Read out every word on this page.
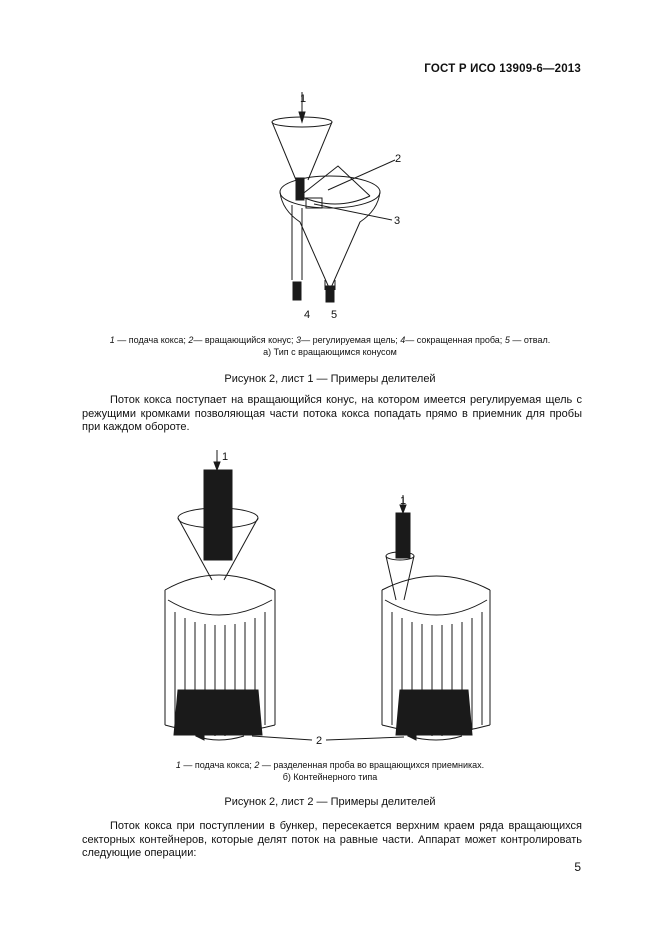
ГОСТ Р ИСО 13909-6—2013
1
2
3
4 5
1 — подача кокса; 2— вращающийся конус; 3— регулируемая щель; 4— сокращенная проба; 5 — отвал.
а) Тип с вращающимся конусом
Рисунок 2, лист 1 — Примеры делителей
Поток кокса поступает на вращающийся конус, на котором имеется регулируемая щель с режущими кромками позволяющая части потока кокса попадать прямо в приемник для пробы при каждом обороте.
1
1
2
1 — подача кокса; 2 — разделенная проба во вращающихся приемниках.
б) Контейнерного типа
Рисунок 2, лист 2 — Примеры делителей
Поток кокса при поступлении в бункер, пересекается верхним краем ряда вращающихся секторных контейнеров, которые делят поток на равные части. Аппарат может контролировать следующие операции:
5
